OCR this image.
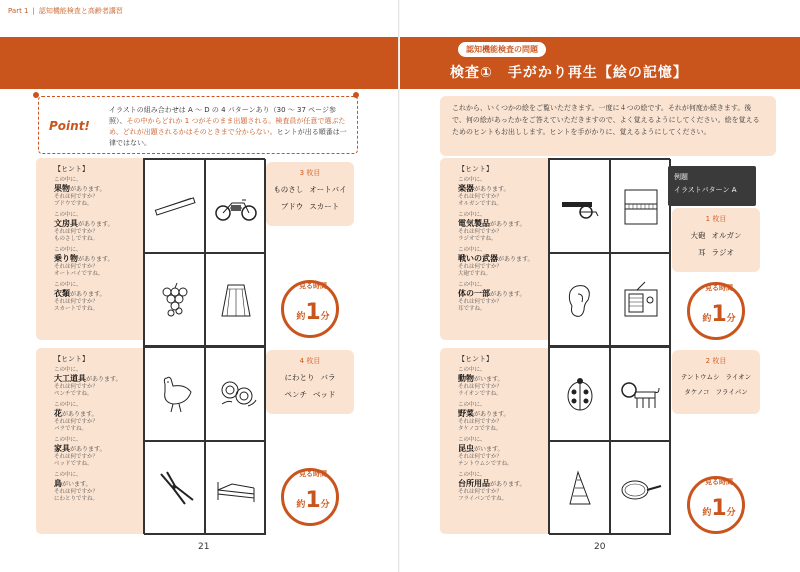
Part 1 | 認知機能検査と高齢者講習
Point!
イラストの組み合わせは A ～ D の 4 パターンあり（30 ～ 37 ページ参照）、その中からどれか 1 つがそのまま出題される。検査員が任意で選ぶため、どれが出題されるかはそのときまで分からない。ヒントが出る順番は一律ではない。
【ヒント】
この中に、
果物があります。
それは何ですか？
ブドウですね。
この中に、
文房具があります。
それは何ですか？
ものさしですね。
この中に、
乗り物があります。
それは何ですか？
オートバイですね。
この中に、
衣類があります。
それは何ですか？
スカートですね。
3 枚目
ものさし オートバイ
ブドウ スカート
見る時間
約1分
【ヒント】
この中に、
大工道具があります。
それは何ですか？
ペンチですね。
この中に、
花があります。
それは何ですか？
バラですね。
この中に、
家具があります。
それは何ですか？
ベッドですね。
この中に、
鳥がいます。
それは何ですか？
にわとりですね。
4 枚目
にわとり バラ
ペンチ ベッド
見る時間
約1分
21
認知機能検査の問題
検査①　手がかり再生【絵の記憶】
これから、いくつかの絵をご覧いただきます。一度に４つの絵です。それが何度か続きます。後で、何の絵があったかをご答えていただきますので、よく覚えるようにしてください。絵を覚えるためのヒントもお出しします。ヒントを手がかりに、覚えるようにしてください。
【ヒント】
この中に、
楽器があります。
それは何ですか？
オルガンですね。
この中に、
電気製品があります。
それは何ですか？
ラジオですね。
この中に、
戦いの武器があります。
それは何ですか？
大砲ですね。
この中に、
体の一部があります。
それは何ですか？
耳ですね。
例題
イラストパターン A
1 枚目
大砲 オルガン
耳 ラジオ
見る時間
約1分
【ヒント】
この中に、
動物がいます。
それは何ですか？
ライオンですね。
この中に、
野菜があります。
それは何ですか？
タケノコですね。
この中に、
昆虫がいます。
それは何ですか？
テントウムシですね。
この中に、
台所用品があります。
それは何ですか？
フライパンですね。
2 枚目
テントウムシ ライオン
タケノコ フライパン
見る時間
約1分
20
